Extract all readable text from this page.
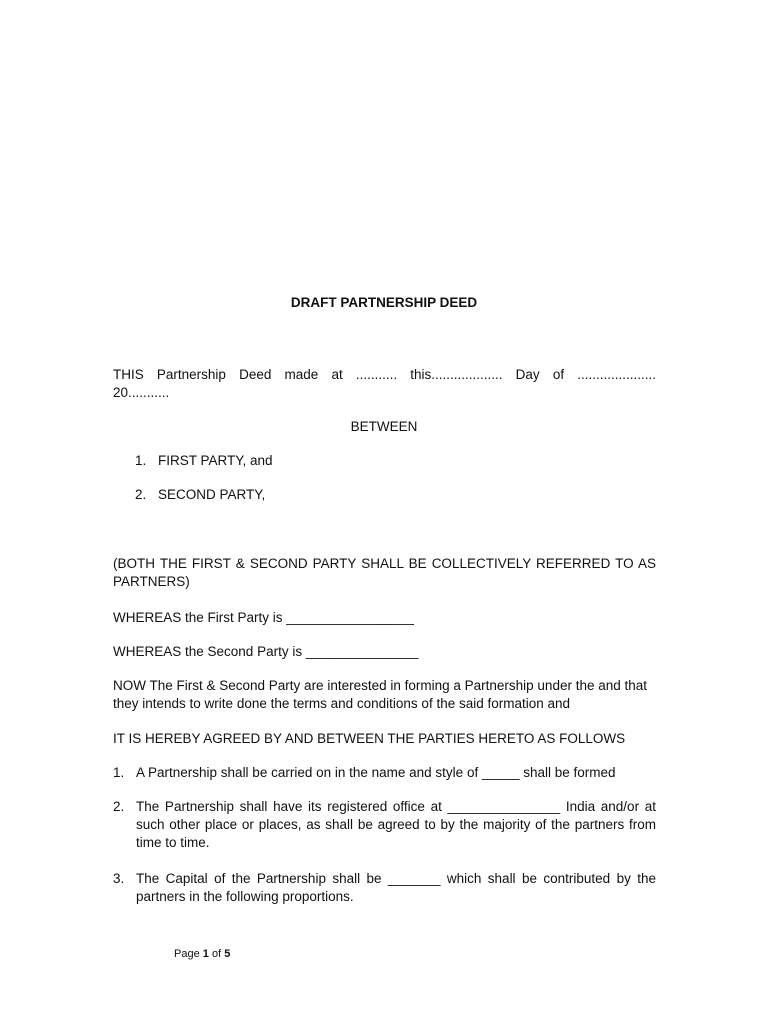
DRAFT PARTNERSHIP DEED
THIS Partnership Deed made at ........... this................... Day of .....................
20...........
BETWEEN
1. FIRST PARTY, and
2. SECOND PARTY,
(BOTH THE FIRST & SECOND PARTY SHALL BE COLLECTIVELY REFERRED TO AS PARTNERS)
WHEREAS the First Party is _________________
WHEREAS the Second Party is _______________
NOW The First & Second Party are interested in forming a Partnership under the and that they intends to write done the terms and conditions of the said formation and
IT IS HEREBY AGREED BY AND BETWEEN THE PARTIES HERETO AS FOLLOWS
1. A Partnership shall be carried on in the name and style of _____ shall be formed
2. The Partnership shall have its registered office at _______________ India and/or at such other place or places, as shall be agreed to by the majority of the partners from time to time.
3. The Capital of the Partnership shall be _______ which shall be contributed by the partners in the following proportions.
Page 1 of 5
